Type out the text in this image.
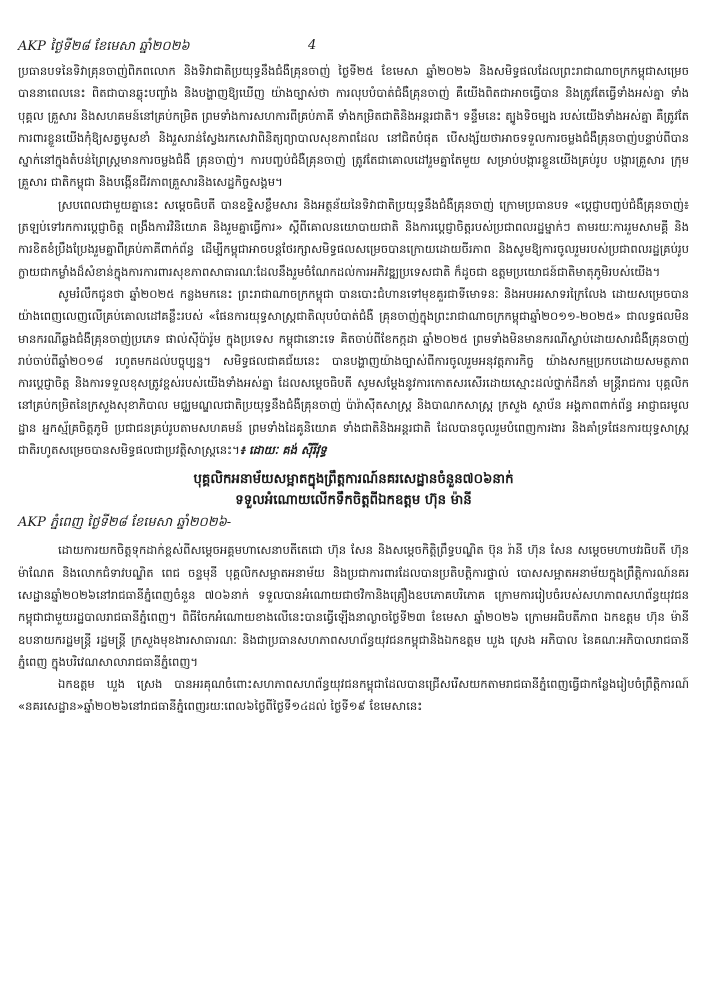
AKP ថ្ងៃទី២៨ ខែមេសា ឆ្នាំ២០២៦	4

ប្រធានបទនៃទិវាគ្រុនចាញ់ពិភពលោក និងទិវាជាតិប្រយុទ្ធនឹងជំងឺគ្រុនចាញ់ ថ្ងៃទី២៥ ខែមេសា ឆ្នាំ២០២៦ និងសមិទ្ធផលដែលព្រះរាជាណាចក្រកម្ពុជាសម្រេចបាននាពេលនេះ ពិតជាបានឆ្លុះបញ្ចាំង និងបង្ហាញឱ្យឃើញ យ៉ាងច្បាស់ថា ការលុបបំបាត់ជំងឺគ្រុនចាញ់ គឺយើងពិតជាអាចធ្វើបាន និងត្រូវតែធ្វើទាំងអស់គ្នា ទាំងបុគ្គល គ្រួសារ និងសហគមន៍នៅគ្រប់កម្រិត ព្រមទាំងការសហការពីគ្រប់ភាគី ទាំងកម្រិតជាតិនិងអន្តរជាតិ។ ទន្ទឹមនេះ ត្បូងទិចម្បង របស់យើងទាំងអស់គ្នា គឺត្រូវតែការពារខ្លួនយើងកុំឱ្យសត្វមូសខាំ និងរួសរាន់ស្វែងរកសេវាពិនិត្យព្យាបាលសុខភាពដែល នៅជិតបំផុត បើសង្ស័យថាអាចទទួលការចម្លងជំងឺគ្រុនចាញ់បន្ទាប់ពីបានស្នាក់នៅក្នុងតំបន់ព្រៃស្រ្តមានការចម្លងជំងឺ គ្រុនចាញ់។ ការបញ្ចប់ជំងឺគ្រុនចាញ់ ត្រូវតែជាគោលដៅរួមគ្នាតែមួយ សម្រាប់បង្ការខ្លួនយើងគ្រប់រូប បង្ការគ្រួសារ ក្រុមគ្រួសារ ជាតិកម្ពុជា និងបង្កើនជីវភាពគ្រួសារនិងសេដ្ឋកិច្ចសង្គម។

ស្របពេលជាមួយគ្នានេះ សម្តេចធិបតី បានឧទ្ទិសខ្លឹមសារ និងអត្ថន័យនៃទិវាជាតិប្រយុទ្ធនឹងជំងឺគ្រុនចាញ់ ក្រោមប្រធានបទ «ប្តេជ្ញាបញ្ចប់ជំងឺគ្រុនចាញ់៖ ត្រឡប់ទៅរកការប្តេជ្ញាចិត្ត ពង្រឹងការវិនិយោគ និងរួមគ្នាធ្វើការ» ស្តីពីគោលនយោបាយជាតិ និងការប្តេជ្ញាចិត្តរបស់ប្រជាពលរដ្ឋម្នាក់ៗ តាមរយៈការរួមសាមគ្គី និងការខិតខំប្រឹងប្រែងរួមគ្នាពីគ្រប់ភាគីពាក់ព័ន្ធ ដើម្បីកម្ពុជាអាចបន្តថែរក្សាសមិទ្ធផលសម្រេចបានក្រោយដោយចីរភាព និងសូមឱ្យការចូលរួមរបស់ប្រជាពលរដ្ឋគ្រប់រូប ក្លាយជាកម្លាំងដ៏សំខាន់ក្នុងការការពារសុខភាពសាធារណៈដែលនឹងរួមចំណែកដល់ការអភិវឌ្ឍប្រទេសជាតិ ក៏ដូចជា ឧត្តមប្រយោជន៍ជាតិមាតុភូមិរបស់យើង។

សូមរំលឹកជូនថា ឆ្នាំ២០២៥ កន្លងមកនេះ ព្រះរាជាណាចក្រកម្ពុជា បានបោះជំហានទៅមុខគួរជាទីមោទនៈ និងអបអរសាទរក្រៃលែង ដោយសម្រេចបានយ៉ាងពេញលេញលើគ្រប់គោលដៅគន្លឹះរបស់ «ផែនការយុទ្ធសាស្រ្តជាតិលុបបំបាត់ជំងឺ គ្រុនចាញ់ក្នុងព្រះរាជាណាចក្រកម្ពុជាឆ្នាំ២០១១-២០២៥» ជាលទ្ធផលមិនមានករណីឆ្លងជំងឺគ្រុនចាញ់ប្រភេទ ផាល់ស៊ីប៉ារ៉ូម ក្នុងប្រទេស កម្ពុជានោះទេ គិតចាប់ពីខែកក្កដា ឆ្នាំ២០២៥ ព្រមទាំងមិនមានករណីស្លាប់ដោយសារជំងឺគ្រុនចាញ់ រាប់ចាប់ពីឆ្នាំ២០១៨ រហូតមកដល់បច្ចុប្បន្ន។ សមិទ្ធផលជាគជ័យនេះ បានបង្ហាញយ៉ាងច្បាស់ពីការចូលរួមអនុវត្តភារកិច្ច យ៉ាងសកម្មប្រកបដោយសមត្ថភាព ការប្តេជ្ញាចិត្ត និងការទទួលខុសត្រូវខ្ពស់របស់យើងទាំងអស់គ្នា ដែលសម្តេចធិបតី សូមសម្តែងនូវការកោតសរសើរដោយស្មោះដល់ថ្នាក់ដឹកនាំ មន្រ្តីរាជការ បុគ្គលិកនៅគ្រប់កម្រិតនៃក្រសួងសុខាភិបាល មជ្ឈមណ្ឌលជាតិប្រយុទ្ធនឹងជំងឺគ្រុនចាញ់ ប៉ារ៉ាស៊ីតសាស្រ្ត និងបាណកសាស្រ្ត ក្រសួង ស្ថាប័ន អង្គភាពពាក់ព័ន្ធ អាជ្ញាធរមូលដ្ឋាន អ្នកស្ម័គ្រចិត្តភូមិ ប្រជាជនគ្រប់រូបតាមសហគមន៍ ព្រមទាំងដៃគូនិយោគ ទាំងជាតិនិងអន្តរជាតិ ដែលបានចូលរួមបំពេញការងារ និងគាំទ្រផែនការយុទ្ធសាស្រ្តជាតិរហូតសម្រេចបានសមិទ្ធផលជាប្រវត្តិសាស្ត្រនេះ។៖ ដោយៈ គង់ ស៊ីរីវុទ្ធ

បុគ្គលិកអនាម័យសម្អាតក្នុងព្រឹត្តការណ៍នគរសេដ្ឋានចំនួន៧០៦នាក់
ទទួលអំណោយលើកទឹកចិត្តពីឯកឧត្តម ហ៊ុន ម៉ានី
AKP ភ្នំពេញ ថ្ងៃទី២៨ ខែមេសា ឆ្នាំ២០២៦-

ដោយការយកចិត្តទុកដាក់ខ្ពស់ពីសម្តេចអគ្គមហាសេនាបតីតេជោ ហ៊ុន សែន និងសម្តេចកិត្តិព្រឹទ្ធបណ្ឌិត ប៊ុន រ៉ានី ហ៊ុន សែន សម្តេចមហាបវរធិបតី ហ៊ុន ម៉ាណែត និងលោកជំទាវបណ្ឌិត ពេជ ចន្ទមុនី បុគ្គលិកសម្អាតអនាម័យ និងប្រជាការពារដែលបានប្រតិបត្តិការផ្ទាល់ បោសសម្អាតអនាម័យក្នុងព្រឹត្តិការណ៍នគរសេដ្ឋានឆ្នាំ២០២៦នៅរាជធានីភ្នំពេញចំនួន ៧០៦នាក់ ទទួលបានអំណោយជាថវិកានិងគ្រឿងឧបភោគបរិភោគ ក្រោមការរៀបចំរបស់សហភាពសហព័ន្ធយុវជនកម្ពុជាជាមួយរដ្ឋបាលរាជធានីភ្នំពេញ។ ពិធីចែកអំណោយខាងលើនេះបានធ្វើឡើងនាល្ងាចថ្ងៃទី២៣ ខែមេសា ឆ្នាំ២០២៦ ក្រោមអធិបតីភាព ឯកឧត្តម ហ៊ុន ម៉ានី ឧបនាយករដ្ឋមន្ត្រី រដ្ឋមន្ត្រី ក្រសួងមុខងារសាធារណៈ និងជាប្រធានសហភាពសហព័ន្ធយុវជនកម្ពុជានិងឯកឧត្តម ឃួង ស្រេង អភិបាល នៃគណៈអភិបាលរាជធានីភ្នំពេញ ក្នុងបរិវេណសាលារាជធានីភ្នំពេញ។

ឯកឧត្តម ឃួង ស្រេង បានអរគុណចំពោះសហភាពសហព័ន្ធយុវជនកម្ពុជាដែលបានជ្រើសរើសយកតាមរាជធានីភ្នំពេញធ្វើជាកន្លែងរៀបចំព្រឹត្តិការណ៍ «នគរសេដ្ឋាន»ឆ្នាំ២០២៦នៅរាជធានីភ្នំពេញរយៈពេល៦ថ្ងៃពីថ្ងៃទី១៤ដល់ ថ្ងៃទី១៩ ខែមេសានេះ
